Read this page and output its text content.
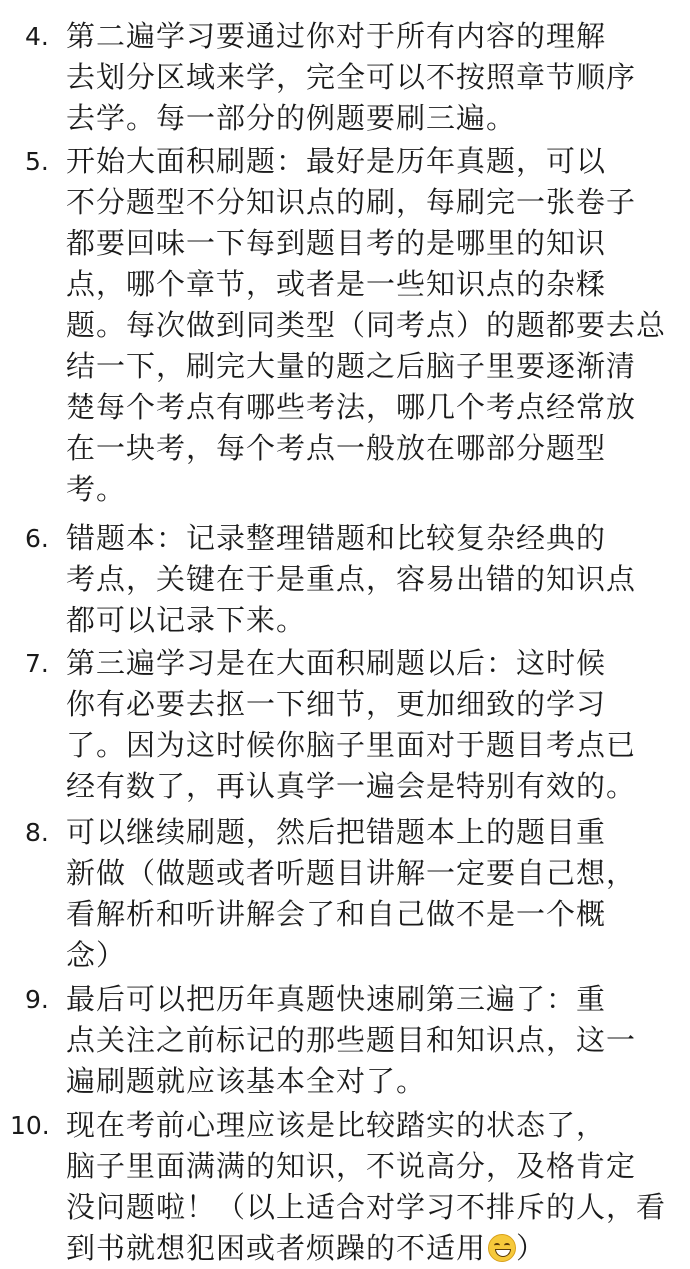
4. 第二遍学习要通过你对于所有内容的理解
去划分区域来学，完全可以不按照章节顺序
去学。每一部分的例题要刷三遍。
5. 开始大面积刷题：最好是历年真题，可以
不分题型不分知识点的刷，每刷完一张卷子
都要回味一下每到题目考的是哪里的知识
点，哪个章节，或者是一些知识点的杂糅
题。每次做到同类型（同考点）的题都要去总
结一下，刷完大量的题之后脑子里要逐渐清
楚每个考点有哪些考法，哪几个考点经常放
在一块考，每个考点一般放在哪部分题型
考。
6. 错题本：记录整理错题和比较复杂经典的
考点，关键在于是重点，容易出错的知识点
都可以记录下来。
7. 第三遍学习是在大面积刷题以后：这时候
你有必要去抠一下细节，更加细致的学习
了。因为这时候你脑子里面对于题目考点已
经有数了，再认真学一遍会是特别有效的。
8. 可以继续刷题，然后把错题本上的题目重
新做（做题或者听题目讲解一定要自己想，
看解析和听讲解会了和自己做不是一个概
念）
9. 最后可以把历年真题快速刷第三遍了：重
点关注之前标记的那些题目和知识点，这一
遍刷题就应该基本全对了。
10. 现在考前心理应该是比较踏实的状态了，
脑子里面满满的知识，不说高分，及格肯定
没问题啦！（以上适合对学习不排斥的人，看
到书就想犯困或者烦躁的不适用 ）
